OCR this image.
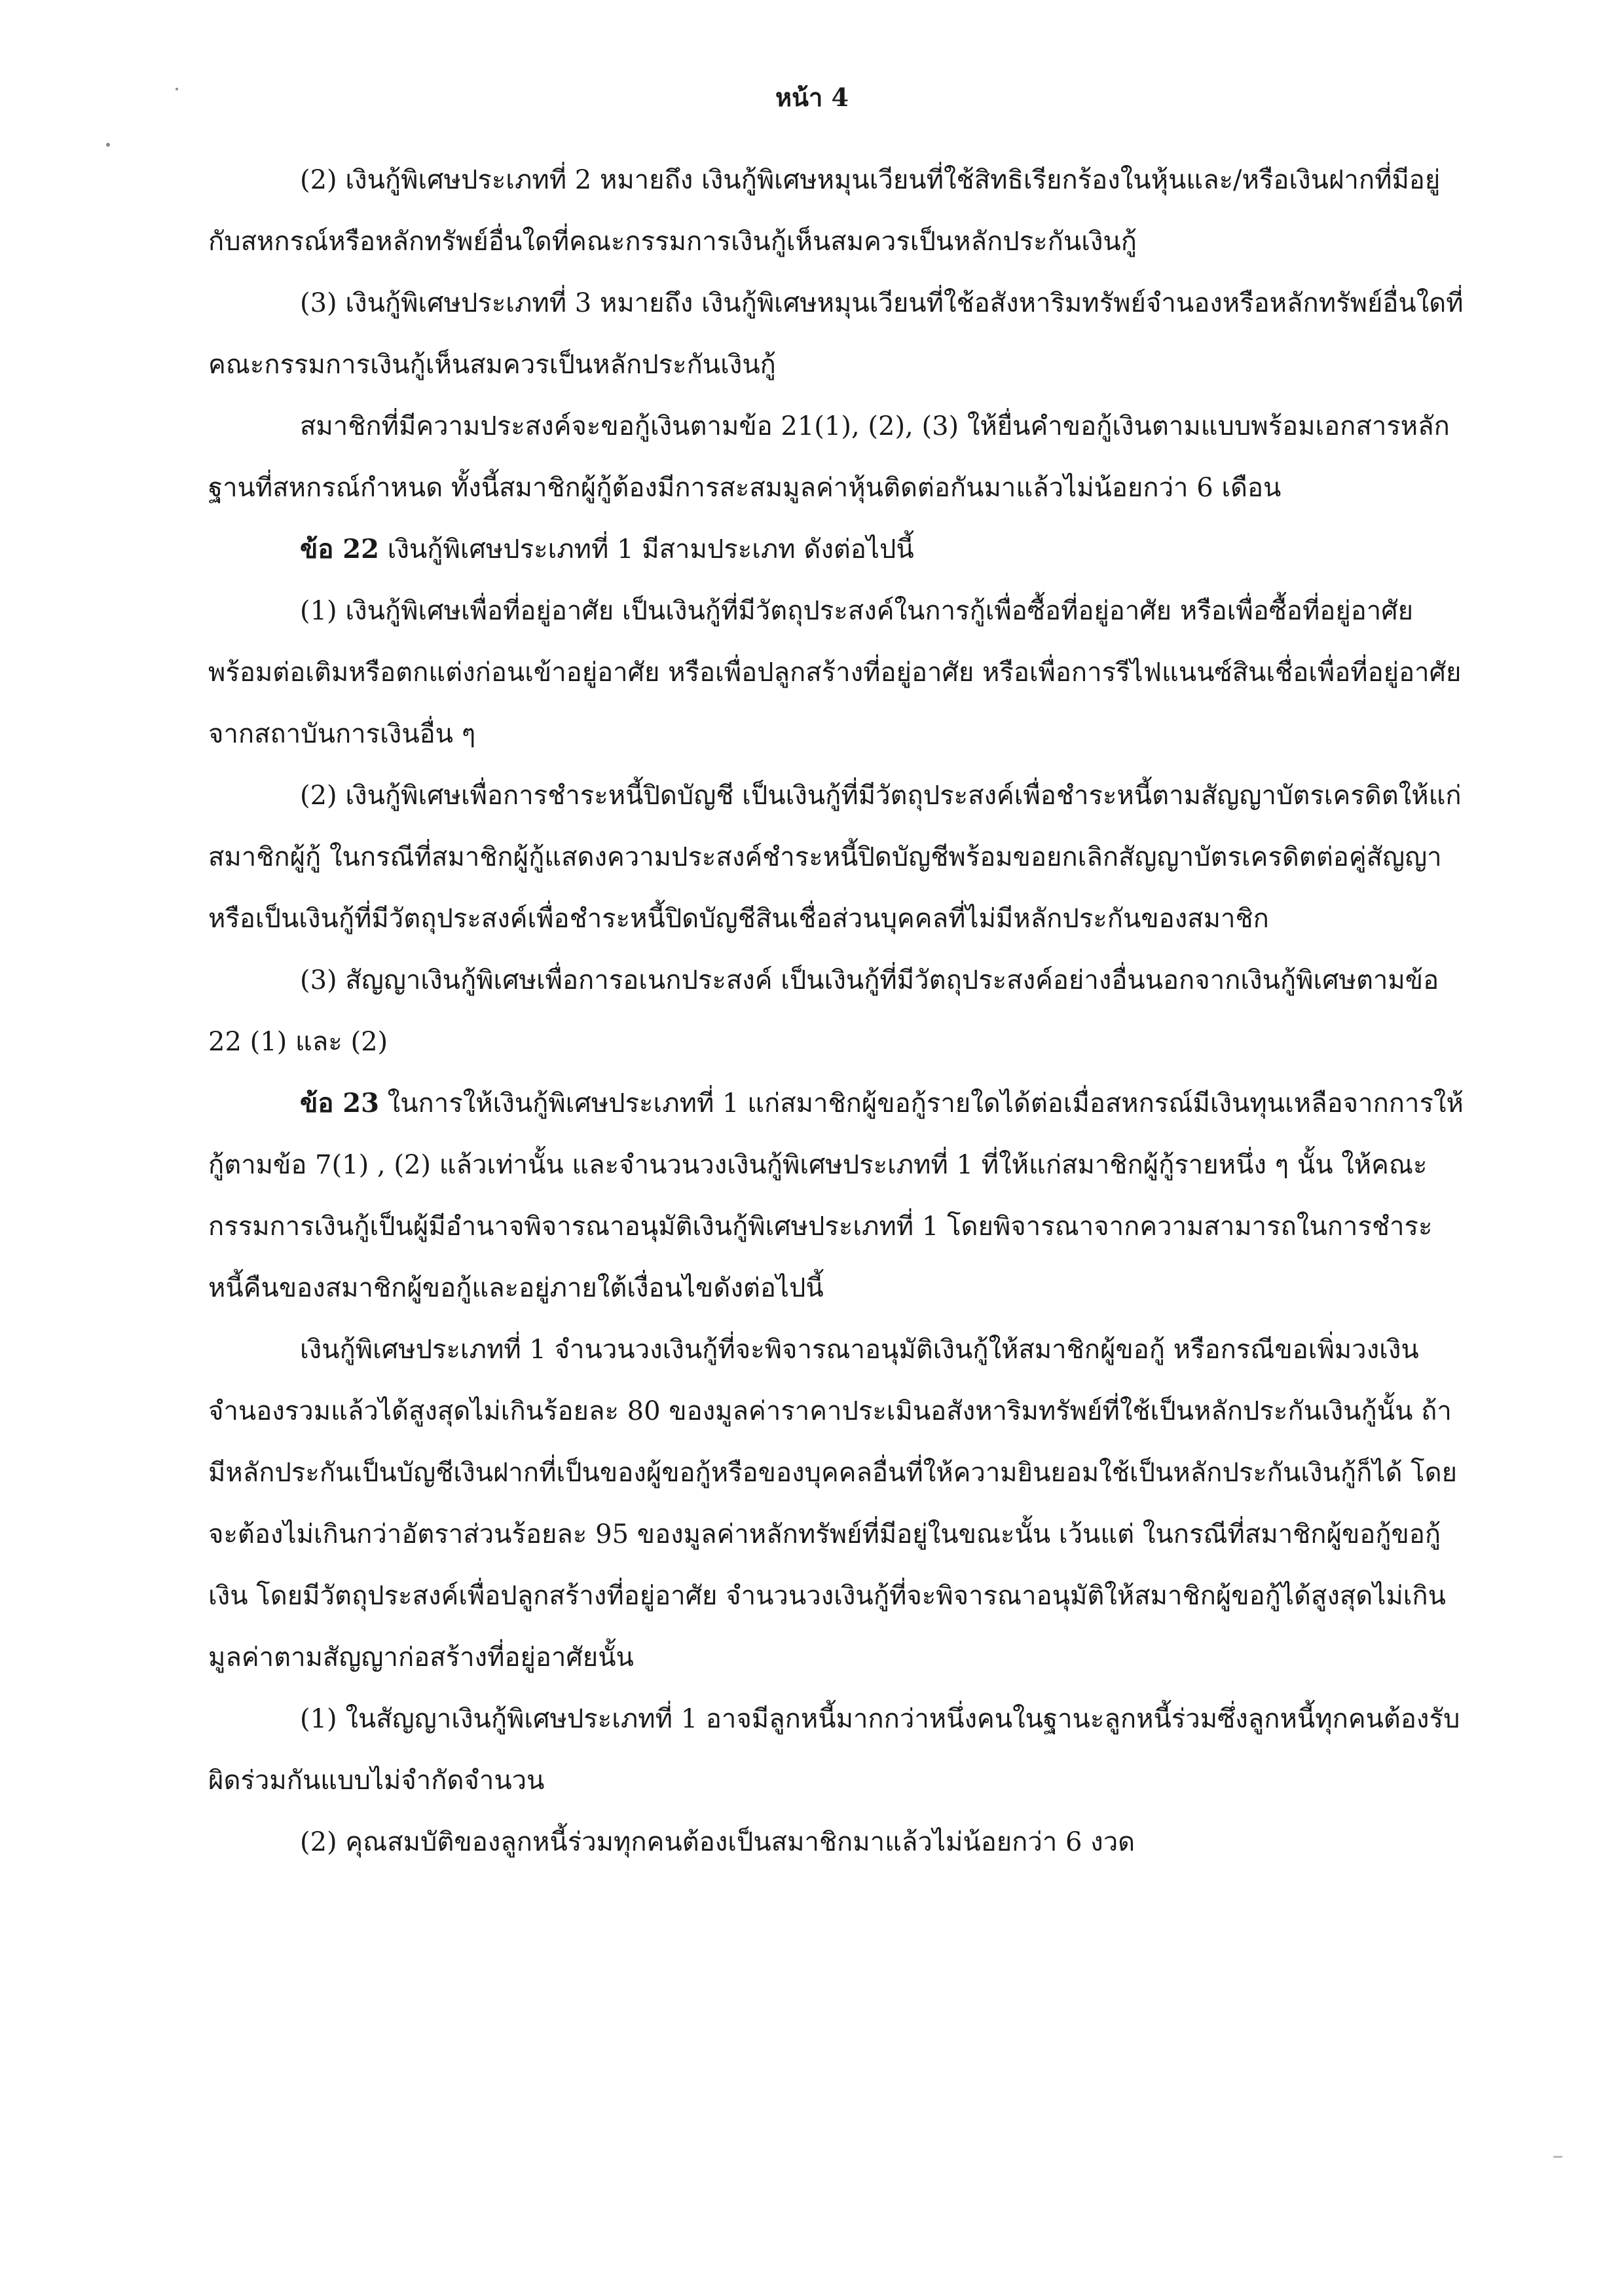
หน้า 4

(2) เงินกู้พิเศษประเภทที่ 2 หมายถึง เงินกู้พิเศษหมุนเวียนที่ใช้สิทธิเรียกร้องในหุ้นและ/หรือเงินฝากที่มีอยู่กับสหกรณ์หรือหลักทรัพย์อื่นใดที่คณะกรรมการเงินกู้เห็นสมควรเป็นหลักประกันเงินกู้

(3) เงินกู้พิเศษประเภทที่ 3 หมายถึง เงินกู้พิเศษหมุนเวียนที่ใช้อสังหาริมทรัพย์จำนองหรือหลักทรัพย์อื่นใดที่คณะกรรมการเงินกู้เห็นสมควรเป็นหลักประกันเงินกู้

สมาชิกที่มีความประสงค์จะขอกู้เงินตามข้อ 21(1), (2), (3) ให้ยื่นคำขอกู้เงินตามแบบพร้อมเอกสารหลักฐานที่สหกรณ์กำหนด ทั้งนี้สมาชิกผู้กู้ต้องมีการสะสมมูลค่าหุ้นติดต่อกันมาแล้วไม่น้อยกว่า 6 เดือน

ข้อ 22 เงินกู้พิเศษประเภทที่ 1 มีสามประเภท ดังต่อไปนี้

(1) เงินกู้พิเศษเพื่อที่อยู่อาศัย เป็นเงินกู้ที่มีวัตถุประสงค์ในการกู้เพื่อซื้อที่อยู่อาศัย หรือเพื่อซื้อที่อยู่อาศัยพร้อมต่อเติมหรือตกแต่งก่อนเข้าอยู่อาศัย หรือเพื่อปลูกสร้างที่อยู่อาศัย หรือเพื่อการรีไฟแนนซ์สินเชื่อเพื่อที่อยู่อาศัยจากสถาบันการเงินอื่น ๆ

(2) เงินกู้พิเศษเพื่อการชำระหนี้ปิดบัญชี เป็นเงินกู้ที่มีวัตถุประสงค์เพื่อชำระหนี้ตามสัญญาบัตรเครดิตให้แก่สมาชิกผู้กู้ ในกรณีที่สมาชิกผู้กู้แสดงความประสงค์ชำระหนี้ปิดบัญชีพร้อมขอยกเลิกสัญญาบัตรเครดิตต่อคู่สัญญา หรือเป็นเงินกู้ที่มีวัตถุประสงค์เพื่อชำระหนี้ปิดบัญชีสินเชื่อส่วนบุคคลที่ไม่มีหลักประกันของสมาชิก

(3) สัญญาเงินกู้พิเศษเพื่อการอเนกประสงค์ เป็นเงินกู้ที่มีวัตถุประสงค์อย่างอื่นนอกจากเงินกู้พิเศษตามข้อ 22 (1) และ (2)

ข้อ 23 ในการให้เงินกู้พิเศษประเภทที่ 1 แก่สมาชิกผู้ขอกู้รายใดได้ต่อเมื่อสหกรณ์มีเงินทุนเหลือจากการให้กู้ตามข้อ 7(1) , (2) แล้วเท่านั้น และจำนวนวงเงินกู้พิเศษประเภทที่ 1 ที่ให้แก่สมาชิกผู้กู้รายหนึ่ง ๆ นั้น ให้คณะกรรมการเงินกู้เป็นผู้มีอำนาจพิจารณาอนุมัติเงินกู้พิเศษประเภทที่ 1 โดยพิจารณาจากความสามารถในการชำระหนี้คืนของสมาชิกผู้ขอกู้และอยู่ภายใต้เงื่อนไขดังต่อไปนี้

เงินกู้พิเศษประเภทที่ 1 จำนวนวงเงินกู้ที่จะพิจารณาอนุมัติเงินกู้ให้สมาชิกผู้ขอกู้ หรือกรณีขอเพิ่มวงเงินจำนองรวมแล้วได้สูงสุดไม่เกินร้อยละ 80 ของมูลค่าราคาประเมินอสังหาริมทรัพย์ที่ใช้เป็นหลักประกันเงินกู้นั้น ถ้ามีหลักประกันเป็นบัญชีเงินฝากที่เป็นของผู้ขอกู้หรือของบุคคลอื่นที่ให้ความยินยอมใช้เป็นหลักประกันเงินกู้ก็ได้ โดยจะต้องไม่เกินกว่าอัตราส่วนร้อยละ 95 ของมูลค่าหลักทรัพย์ที่มีอยู่ในขณะนั้น เว้นแต่ ในกรณีที่สมาชิกผู้ขอกู้ขอกู้เงิน โดยมีวัตถุประสงค์เพื่อปลูกสร้างที่อยู่อาศัย จำนวนวงเงินกู้ที่จะพิจารณาอนุมัติให้สมาชิกผู้ขอกู้ได้สูงสุดไม่เกินมูลค่าตามสัญญาก่อสร้างที่อยู่อาศัยนั้น

(1) ในสัญญาเงินกู้พิเศษประเภทที่ 1 อาจมีลูกหนี้มากกว่าหนึ่งคนในฐานะลูกหนี้ร่วมซึ่งลูกหนี้ทุกคนต้องรับผิดร่วมกันแบบไม่จำกัดจำนวน

(2) คุณสมบัติของลูกหนี้ร่วมทุกคนต้องเป็นสมาชิกมาแล้วไม่น้อยกว่า 6 งวด
